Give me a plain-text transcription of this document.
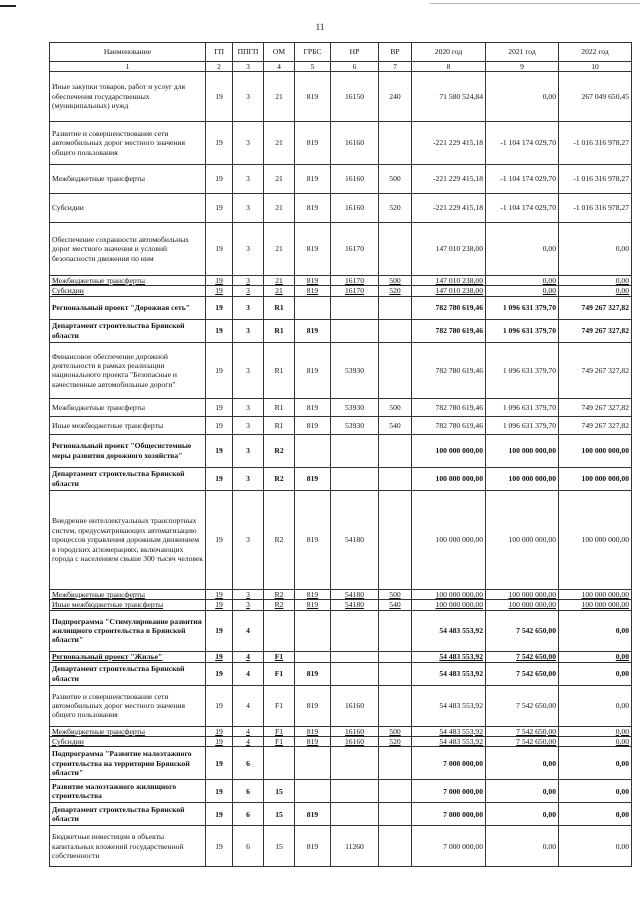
11
Наименование	ГП	ППГП	ОМ	ГРБС	НР	ВР	2020 год	2021 год	2022 год
1	2	3	4	5	6	7	8	9	10
Иные закупки товаров, работ и услуг для обеспечения государственных (муниципальных) нужд	19	3	21	819	16150	240	71 580 524,84	0,00	267 049 650,45
Развитие и совершенствование сети автомобильных дорог местного значения общего пользования	19	3	21	819	16160		-221 229 415,18	-1 104 174 029,70	-1 016 316 978,27
Межбюджетные трансферты	19	3	21	819	16160	500	-221 229 415,18	-1 104 174 029,70	-1 016 316 978,27
Субсидии	19	3	21	819	16160	520	-221 229 415,18	-1 104 174 029,70	-1 016 316 978,27
Обеспечение сохранности автомобильных дорог местного значения и условий безопасности движения по ним	19	3	21	819	16170		147 010 238,00	0,00	0,00
Межбюджетные трансферты	19	3	21	819	16170	500	147 010 238,00	0,00	0,00
Субсидии	19	3	21	819	16170	520	147 010 238,00	0,00	0,00
Региональный проект "Дорожная сеть"	19	3	R1				782 780 619,46	1 096 631 379,70	749 267 327,82
Департамент строительства Брянской области	19	3	R1	819			782 780 619,46	1 096 631 379,70	749 267 327,82
Финансовое обеспечение дорожной деятельности в рамках реализации национального проекта "Безопасные и качественные автомобильные дороги"	19	3	R1	819	53930		782 780 619,46	1 096 631 379,70	749 267 327,82
Межбюджетные трансферты	19	3	R1	819	53930	500	782 780 619,46	1 096 631 379,70	749 267 327,82
Иные межбюджетные трансферты	19	3	R1	819	53930	540	782 780 619,46	1 096 631 379,70	749 267 327,82
Региональный проект "Общесистемные меры развития дорожного хозяйства"	19	3	R2				100 000 000,00	100 000 000,00	100 000 000,00
Департамент строительства Брянской области	19	3	R2	819			100 000 000,00	100 000 000,00	100 000 000,00
Внедрение интеллектуальных транспортных систем, предусматривающих автоматизацию процессов управления дорожным движением в городских агломерациях, включающих города с населением свыше 300 тысяч человек	19	3	R2	819	54180		100 000 000,00	100 000 000,00	100 000 000,00
Межбюджетные трансферты	19	3	R2	819	54180	500	100 000 000,00	100 000 000,00	100 000 000,00
Иные межбюджетные трансферты	19	3	R2	819	54180	540	100 000 000,00	100 000 000,00	100 000 000,00
Подпрограмма "Стимулирование развития жилищного строительства в Брянской области"	19	4					54 483 553,92	7 542 650,00	0,00
Региональный проект "Жилье"	19	4	F1				54 483 553,92	7 542 650,00	0,00
Департамент строительства Брянской области	19	4	F1	819			54 483 553,92	7 542 650,00	0,00
Развитие и совершенствование сети автомобильных дорог местного значения общего пользования	19	4	F1	819	16160		54 483 553,92	7 542 650,00	0,00
Межбюджетные трансферты	19	4	F1	819	16160	500	54 483 553,92	7 542 650,00	0,00
Субсидии	19	4	F1	819	16160	520	54 483 553,92	7 542 650,00	0,00
Подпрограмма "Развитие малоэтажного строительства на территории Брянской области"	19	6					7 000 000,00	0,00	0,00
Развитие малоэтажного жилищного строительства	19	6	15				7 000 000,00	0,00	0,00
Департамент строительства Брянской области	19	6	15	819			7 000 000,00	0,00	0,00
Бюджетные инвестиции в объекты капитальных вложений государственной собственности	19	6	15	819	11260		7 000 000,00	0,00	0,00
